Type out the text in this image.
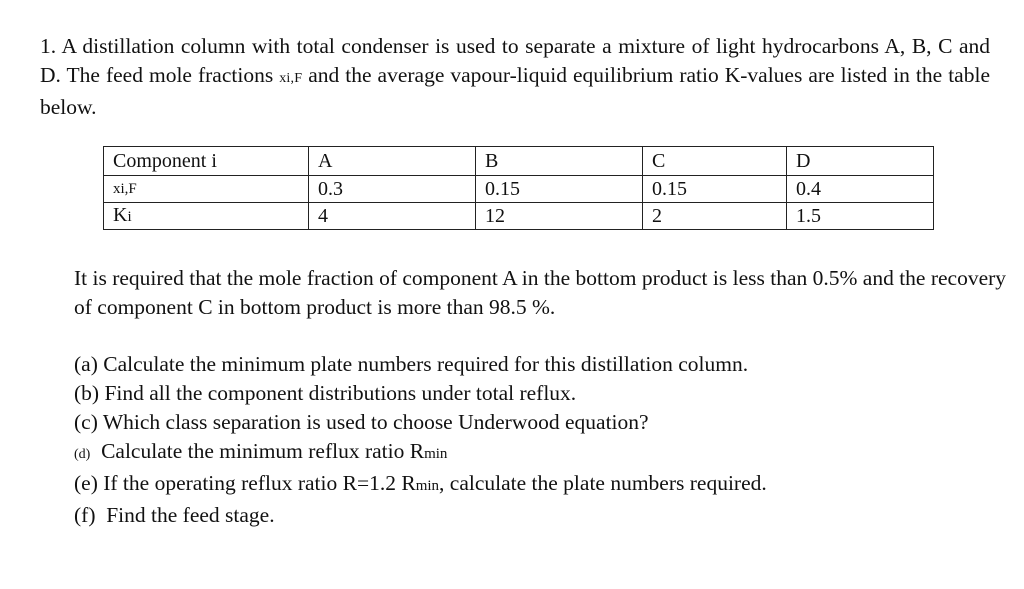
1. A distillation column with total condenser is used to separate a mixture of light hydrocarbons A, B, C and D. The feed mole fractions xi,F and the average vapour-liquid equilibrium ratio K-values are listed in the table below.
Component i	A	B	C	D
xi,F	0.3	0.15	0.15	0.4
Ki	4	12	2	1.5
It is required that the mole fraction of component A in the bottom product is less than 0.5% and the recovery of component C in bottom product is more than 98.5 %.
(a) Calculate the minimum plate numbers required for this distillation column.
(b) Find all the component distributions under total reflux.
(c) Which class separation is used to choose Underwood equation?
(d) Calculate the minimum reflux ratio Rmin
(e) If the operating reflux ratio R=1.2 Rmin, calculate the plate numbers required.
(f)  Find the feed stage.
